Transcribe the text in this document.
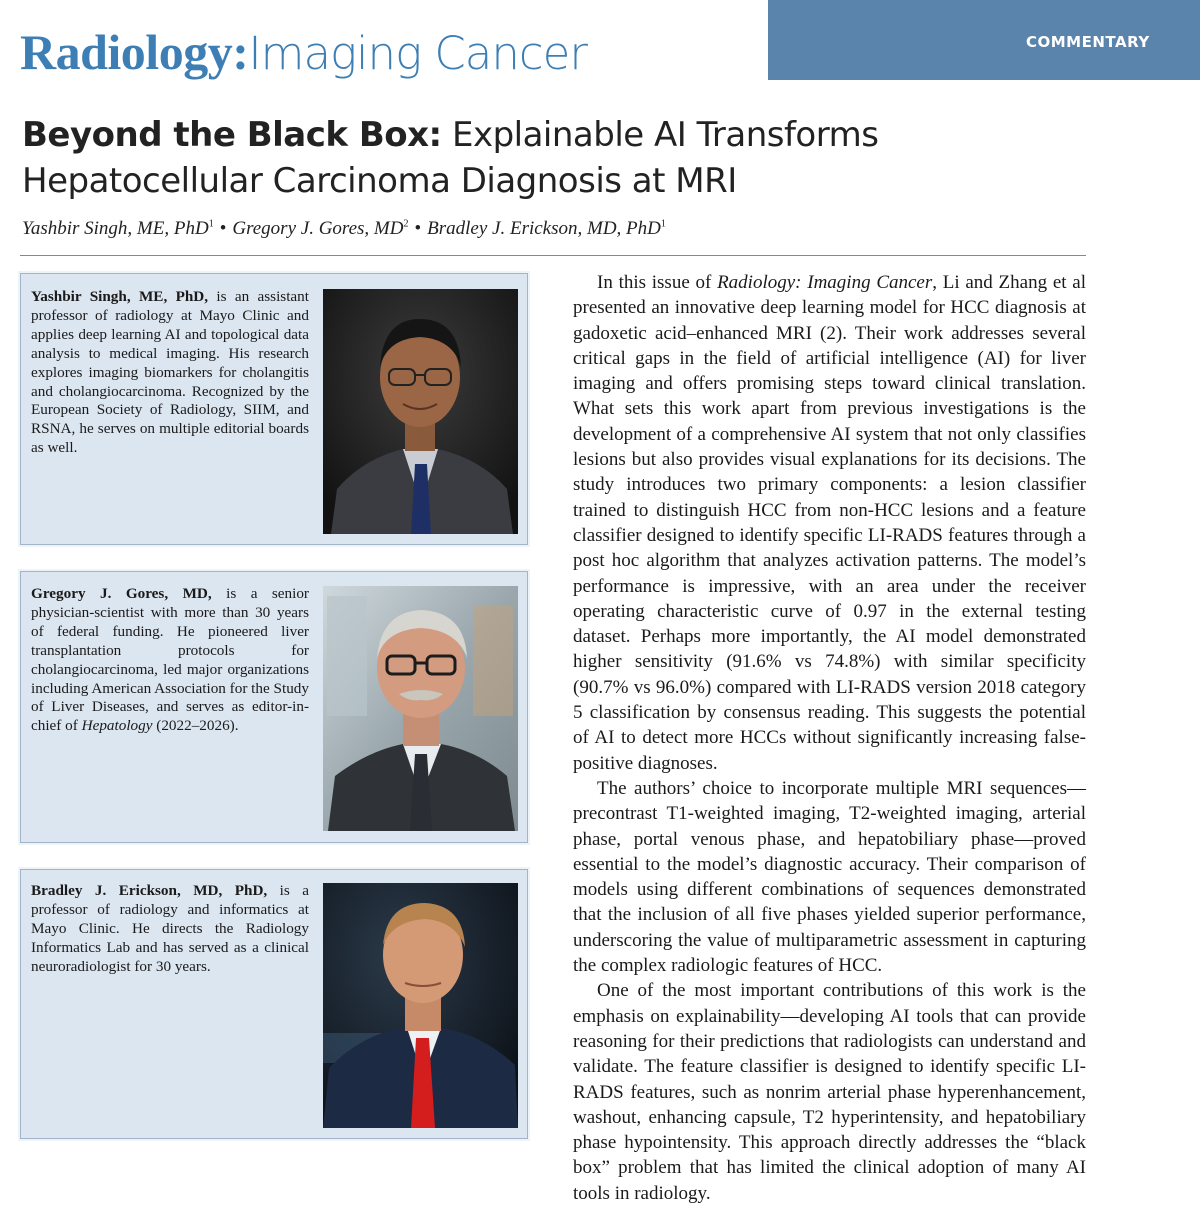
Radiology:Imaging Cancer	COMMENTARY
Beyond the Black Box: Explainable AI Transforms Hepatocellular Carcinoma Diagnosis at MRI
Yashbir Singh, ME, PhD$^1$ • Gregory J. Gores, $MD^2$ • Bradley J. Erickson, MD, PhD$^1$

Yashbir Singh, ME, PhD, is an assistant professor of radiology at Mayo Clinic and applies deep learning AI and topological data analysis to medical imaging. His research explores imaging biomarkers for cholangitis and cholangiocarcinoma. Recognized by the European Society of Radiology, SIIM, and RSNA, he serves on multiple editorial boards as well.

Gregory J. Gores, MD, is a senior physician-scientist with more than 30 years of federal funding. He pioneered liver transplantation protocols for cholangiocarcinoma, led major organizations including American Association for the Study of Liver Diseases, and serves as editor-in-chief of Hepatology (2022–2026).

Bradley J. Erickson, MD, PhD, is a professor of radiology and informatics at Mayo Clinic. He directs the Radiology Informatics Lab and has served as a clinical neuroradiologist for 30 years.

In this issue of Radiology: Imaging Cancer, Li and Zhang et al presented an innovative deep learning model for HCC diagnosis at gadoxetic acid–enhanced MRI (2). Their work addresses several critical gaps in the field of artificial intelligence (AI) for liver imaging and offers promising steps toward clinical translation. What sets this work apart from previous investigations is the development of a comprehensive AI system that not only classifies lesions but also provides visual explanations for its decisions. The study introduces two primary components: a lesion classifier trained to distinguish HCC from non-HCC lesions and a feature classifier designed to identify specific LI-RADS features through a post hoc algorithm that analyzes activation patterns. The model’s performance is impressive, with an area under the receiver operating characteristic curve of 0.97 in the external testing dataset. Perhaps more importantly, the AI model demonstrated higher sensitivity (91.6% vs 74.8%) with similar specificity (90.7% vs 96.0%) compared with LI-RADS version 2018 category 5 classification by consensus reading. This suggests the potential of AI to detect more HCCs without significantly increasing false-positive diagnoses.

The authors’ choice to incorporate multiple MRI sequences—precontrast T1-weighted imaging, T2-weighted imaging, arterial phase, portal venous phase, and hepatobiliary phase—proved essential to the model’s diagnostic accuracy. Their comparison of models using different combinations of sequences demonstrated that the inclusion of all five phases yielded superior performance, underscoring the value of multiparametric assessment in capturing the complex radiologic features of HCC.

One of the most important contributions of this work is the emphasis on explainability—developing AI tools that can provide reasoning for their predictions that radiologists can understand and validate. The feature classifier is designed to identify specific LI-RADS features, such as nonrim arterial phase hyperenhancement, washout, enhancing capsule, T2 hyperintensity, and hepatobiliary phase hypointensity. This approach directly addresses the “black box” problem that has limited the clinical adoption of many AI tools in radiology.
